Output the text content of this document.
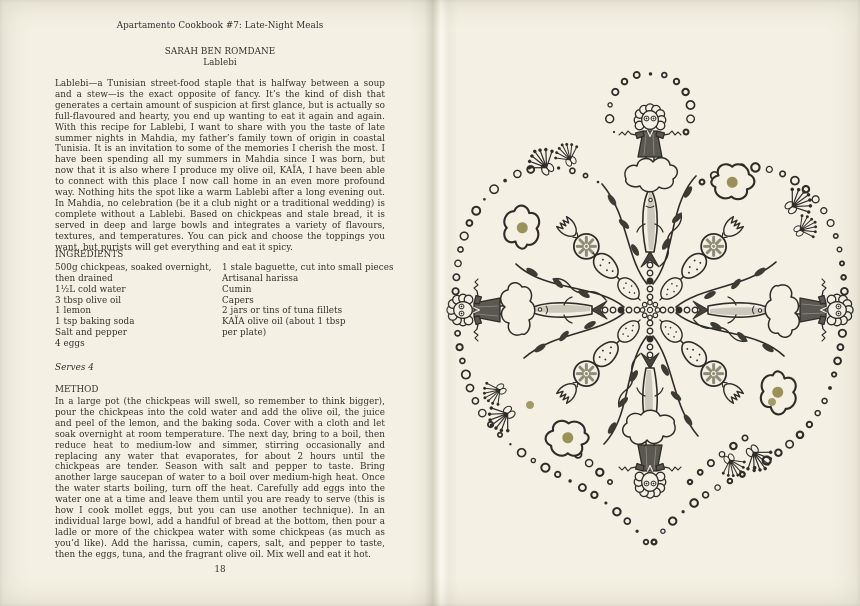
Apartamento Cookbook #7: Late-Night Meals
SARAH BEN ROMDANE
Lablebi
Lablebi—a Tunisian street-food staple that is halfway between a soup and a stew—is the exact opposite of fancy. It’s the kind of dish that generates a certain amount of suspicion at first glance, but is actually so full-flavoured and hearty, you end up wanting to eat it again and again. With this recipe for Lablebi, I want to share with you the taste of late summer nights in Mahdia, my father’s family town of origin in coastal Tunisia. It is an invitation to some of the memories I cherish the most. I have been spending all my summers in Mahdia since I was born, but now that it is also where I produce my olive oil, KAÏA, I have been able to connect with this place I now call home in an even more profound way. Nothing hits the spot like a warm Lablebi after a long evening out. In Mahdia, no celebration (be it a club night or a traditional wedding) is complete without a Lablebi. Based on chickpeas and stale bread, it is served in deep and large bowls and integrates a variety of flavours, textures, and temperatures. You can pick and choose the toppings you want, but purists will get everything and eat it spicy.
INGREDIENTS
500g chickpeas, soaked overnight,
then drained
1½L cold water
3 tbsp olive oil
1 lemon
1 tsp baking soda
Salt and pepper
4 eggs
1 stale baguette, cut into small pieces
Artisanal harissa
Cumin
Capers
2 jars or tins of tuna fillets
KAÏA olive oil (about 1 tbsp
per plate)
Serves 4
METHOD
In a large pot (the chickpeas will swell, so remember to think bigger), pour the chickpeas into the cold water and add the olive oil, the juice and peel of the lemon, and the baking soda. Cover with a cloth and let soak overnight at room temperature. The next day, bring to a boil, then reduce heat to medium-low and simmer, stirring occasionally and replacing any water that evaporates, for about 2 hours until the chickpeas are tender. Season with salt and pepper to taste. Bring another large saucepan of water to a boil over medium-high heat. Once the water starts boiling, turn off the heat. Carefully add eggs into the water one at a time and leave them until you are ready to serve (this is how I cook mollet eggs, but you can use another technique). In an individual large bowl, add a handful of bread at the bottom, then pour a ladle or more of the chickpea water with some chickpeas (as much as you’d like). Add the harissa, cumin, capers, salt, and pepper to taste, then the eggs, tuna, and the fragrant olive oil. Mix well and eat it hot.
18
